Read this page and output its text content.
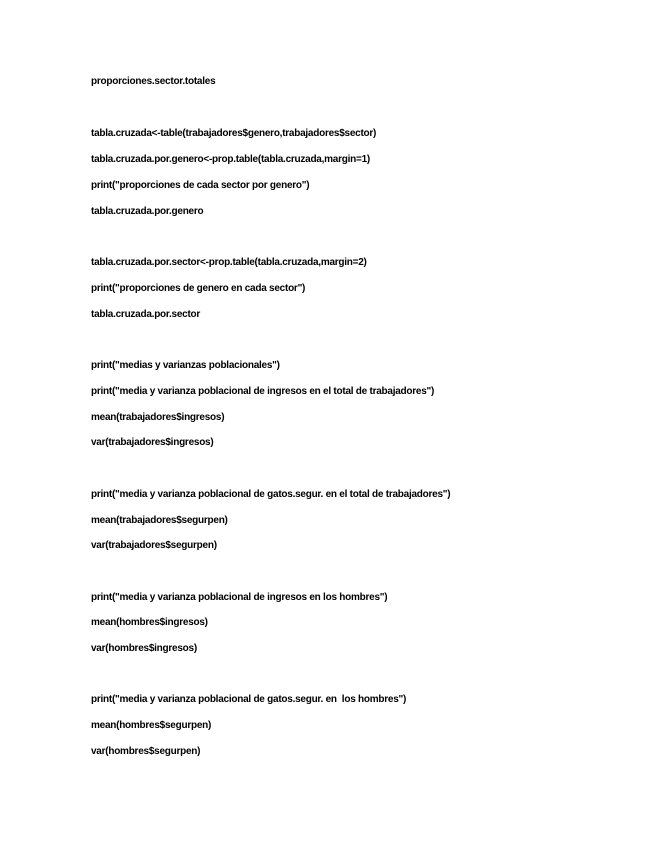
proporciones.sector.totales
tabla.cruzada<-table(trabajadores$genero,trabajadores$sector)
tabla.cruzada.por.genero<-prop.table(tabla.cruzada,margin=1)
print("proporciones de cada sector por genero")
tabla.cruzada.por.genero
tabla.cruzada.por.sector<-prop.table(tabla.cruzada,margin=2)
print("proporciones de genero en cada sector")
tabla.cruzada.por.sector
print("medias y varianzas poblacionales")
print("media y varianza poblacional de ingresos en el total de trabajadores")
mean(trabajadores$ingresos)
var(trabajadores$ingresos)
print("media y varianza poblacional de gatos.segur. en el total de trabajadores")
mean(trabajadores$segurpen)
var(trabajadores$segurpen)
print("media y varianza poblacional de ingresos en los hombres")
mean(hombres$ingresos)
var(hombres$ingresos)
print("media y varianza poblacional de gatos.segur. en  los hombres")
mean(hombres$segurpen)
var(hombres$segurpen)
